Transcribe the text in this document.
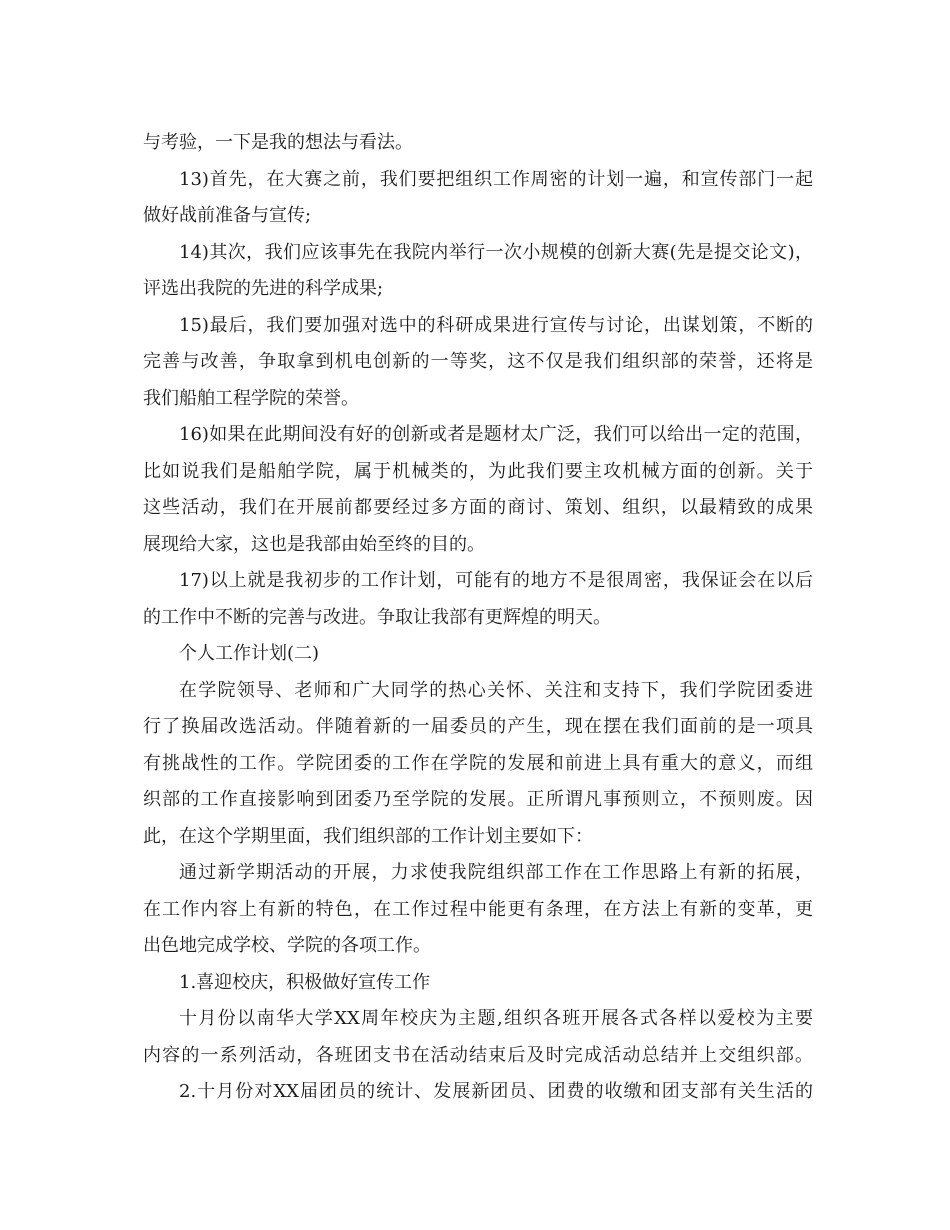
与考验，一下是我的想法与看法。
13)首先，在大赛之前，我们要把组织工作周密的计划一遍，和宣传部门一起
做好战前准备与宣传;
14)其次，我们应该事先在我院内举行一次小规模的创新大赛(先是提交论文)，
评选出我院的先进的科学成果;
15)最后，我们要加强对选中的科研成果进行宣传与讨论，出谋划策，不断的
完善与改善，争取拿到机电创新的一等奖，这不仅是我们组织部的荣誉，还将是
我们船舶工程学院的荣誉。
16)如果在此期间没有好的创新或者是题材太广泛，我们可以给出一定的范围，
比如说我们是船舶学院，属于机械类的，为此我们要主攻机械方面的创新。关于
这些活动，我们在开展前都要经过多方面的商讨、策划、组织，以最精致的成果
展现给大家，这也是我部由始至终的目的。
17)以上就是我初步的工作计划，可能有的地方不是很周密，我保证会在以后
的工作中不断的完善与改进。争取让我部有更辉煌的明天。
个人工作计划(二)
在学院领导、老师和广大同学的热心关怀、关注和支持下，我们学院团委进
行了换届改选活动。伴随着新的一届委员的产生，现在摆在我们面前的是一项具
有挑战性的工作。学院团委的工作在学院的发展和前进上具有重大的意义，而组
织部的工作直接影响到团委乃至学院的发展。正所谓凡事预则立，不预则废。因
此，在这个学期里面，我们组织部的工作计划主要如下：
通过新学期活动的开展，力求使我院组织部工作在工作思路上有新的拓展，
在工作内容上有新的特色，在工作过程中能更有条理，在方法上有新的变革，更
出色地完成学校、学院的各项工作。
1.喜迎校庆，积极做好宣传工作
十月份以南华大学XX周年校庆为主题,组织各班开展各式各样以爱校为主要
内容的一系列活动，各班团支书在活动结束后及时完成活动总结并上交组织部。
2.十月份对XX届团员的统计、发展新团员、团费的收缴和团支部有关生活的
